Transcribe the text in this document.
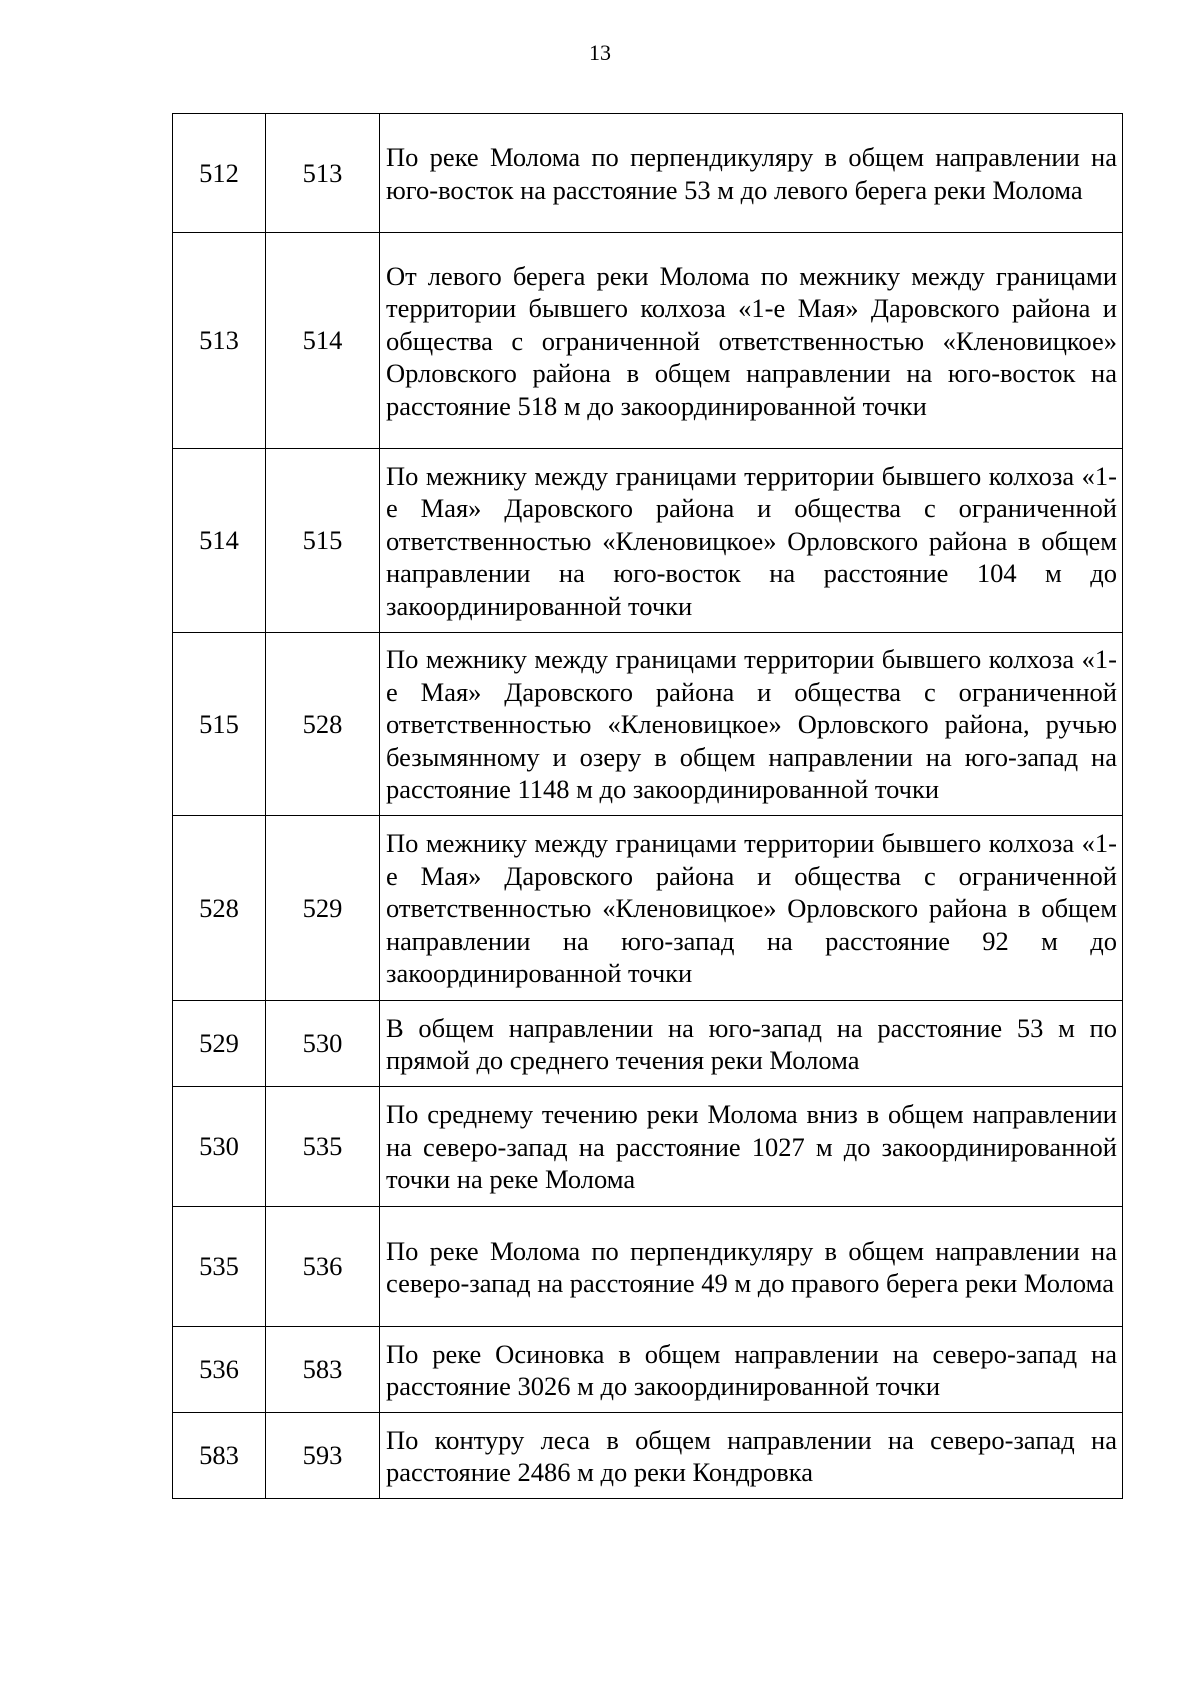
13
512	513	По реке Молома по перпендикуляру в общем направлении на юго-восток на расстояние 53 м до левого берега реки Молома
513	514	От левого берега реки Молома по межнику между границами территории бывшего колхоза «1-е Мая» Даровского района и общества с ограниченной ответственностью «Кленовицкое» Орловского района в общем направлении на юго-восток на расстояние 518 м до закоординированной точки
514	515	По межнику между границами территории бывшего колхоза «1-е Мая» Даровского района и общества с ограниченной ответственностью «Кленовицкое» Орловского района в общем направлении на юго-восток на расстояние 104 м до закоординированной точки
515	528	По межнику между границами территории бывшего колхоза «1-е Мая» Даровского района и общества с ограниченной ответственностью «Кленовицкое» Орловского района, ручью безымянному и озеру в общем направлении на юго-запад на расстояние 1148 м до закоординированной точки
528	529	По межнику между границами территории бывшего колхоза «1-е Мая» Даровского района и общества с ограниченной ответственностью «Кленовицкое» Орловского района в общем направлении на юго-запад на расстояние 92 м до закоординированной точки
529	530	В общем направлении на юго-запад на расстояние 53 м по прямой до среднего течения реки Молома
530	535	По среднему течению реки Молома вниз в общем направлении на северо-запад на расстояние 1027 м до закоординированной точки на реке Молома
535	536	По реке Молома по перпендикуляру в общем направлении на северо-запад на расстояние 49 м до правого берега реки Молома
536	583	По реке Осиновка в общем направлении на северо-запад на расстояние 3026 м до закоординированной точки
583	593	По контуру леса в общем направлении на северо-запад на расстояние 2486 м до реки Кондровка
